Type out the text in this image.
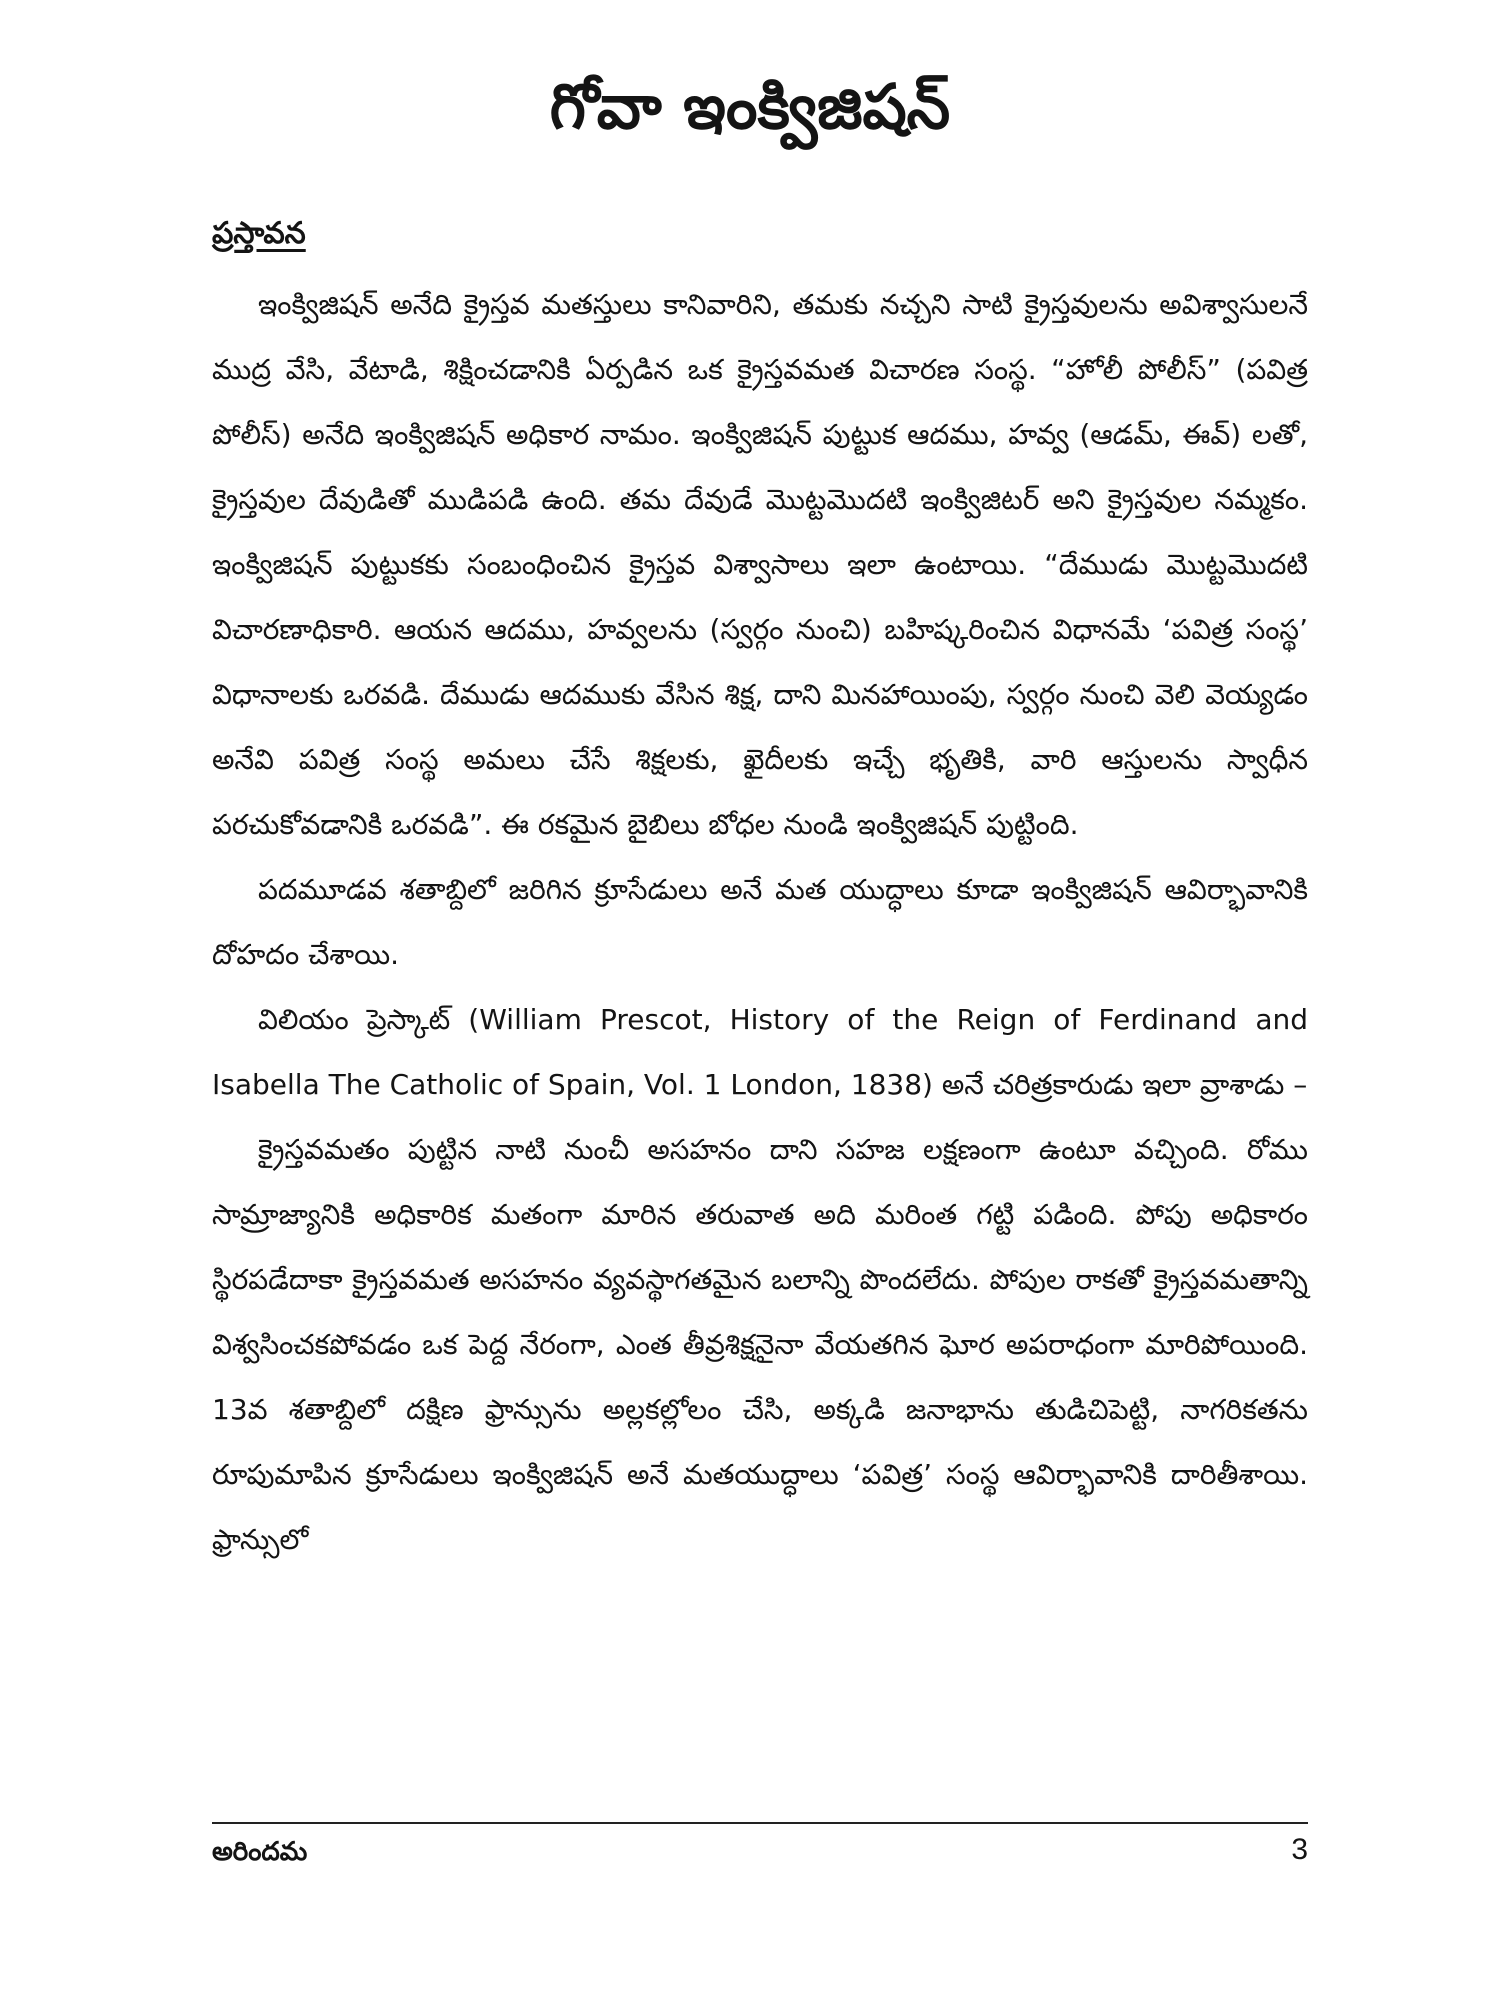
గోవా ఇంక్విజిషన్
ప్రస్తావన

ఇంక్విజిషన్ అనేది క్రైస్తవ మతస్తులు కానివారిని, తమకు నచ్చని సాటి క్రైస్తవులను అవిశ్వాసులనే ముద్ర వేసి, వేటాడి, శిక్షించడానికి ఏర్పడిన ఒక క్రైస్తవమత విచారణ సంస్థ. “హోలీ పోలీస్” (పవిత్ర పోలీస్) అనేది ఇంక్విజిషన్ అధికార నామం. ఇంక్విజిషన్ పుట్టుక ఆదము, హవ్వ (ఆడమ్, ఈవ్) లతో, క్రైస్తవుల దేవుడితో ముడిపడి ఉంది. తమ దేవుడే మొట్టమొదటి ఇంక్విజిటర్ అని క్రైస్తవుల నమ్మకం. ఇంక్విజిషన్ పుట్టుకకు సంబంధించిన క్రైస్తవ విశ్వాసాలు ఇలా ఉంటాయి. “దేముడు మొట్టమొదటి విచారణాధికారి. ఆయన ఆదము, హవ్వలను (స్వర్గం నుంచి) బహిష్కరించిన విధానమే ‘పవిత్ర సంస్థ’ విధానాలకు ఒరవడి. దేముడు ఆదముకు వేసిన శిక్ష, దాని మినహాయింపు, స్వర్గం నుంచి వెలి వెయ్యడం అనేవి పవిత్ర సంస్థ అమలు చేసే శిక్షలకు, ఖైదీలకు ఇచ్చే భృతికి, వారి ఆస్తులను స్వాధీన పరచుకోవడానికి ఒరవడి”. ఈ రకమైన బైబిలు బోధల నుండి ఇంక్విజిషన్ పుట్టింది.

పదమూడవ శతాబ్దిలో జరిగిన క్రూసేడులు అనే మత యుద్ధాలు కూడా ఇంక్విజిషన్ ఆవిర్భావానికి దోహదం చేశాయి.

విలియం ప్రెస్కాట్ (William Prescot, History of the Reign of Ferdinand and Isabella The Catholic of Spain, Vol. 1 London, 1838) అనే చరిత్రకారుడు ఇలా వ్రాశాడు –

క్రైస్తవమతం పుట్టిన నాటి నుంచీ అసహనం దాని సహజ లక్షణంగా ఉంటూ వచ్చింది. రోము సామ్రాజ్యానికి అధికారిక మతంగా మారిన తరువాత అది మరింత గట్టి పడింది. పోపు అధికారం స్థిరపడేదాకా క్రైస్తవమత అసహనం వ్యవస్థాగతమైన బలాన్ని పొందలేదు. పోపుల రాకతో క్రైస్తవమతాన్ని విశ్వసించకపోవడం ఒక పెద్ద నేరంగా, ఎంత తీవ్రశిక్షనైనా వేయతగిన ఘోర అపరాధంగా మారిపోయింది. 13వ శతాబ్దిలో దక్షిణ ఫ్రాన్సును అల్లకల్లోలం చేసి, అక్కడి జనాభాను తుడిచిపెట్టి, నాగరికతను రూపుమాపిన క్రూసేడులు ఇంక్విజిషన్ అనే మతయుద్ధాలు ‘పవిత్ర’ సంస్థ ఆవిర్భావానికి దారితీశాయి. ఫ్రాన్సులో

అరిందమ	3
